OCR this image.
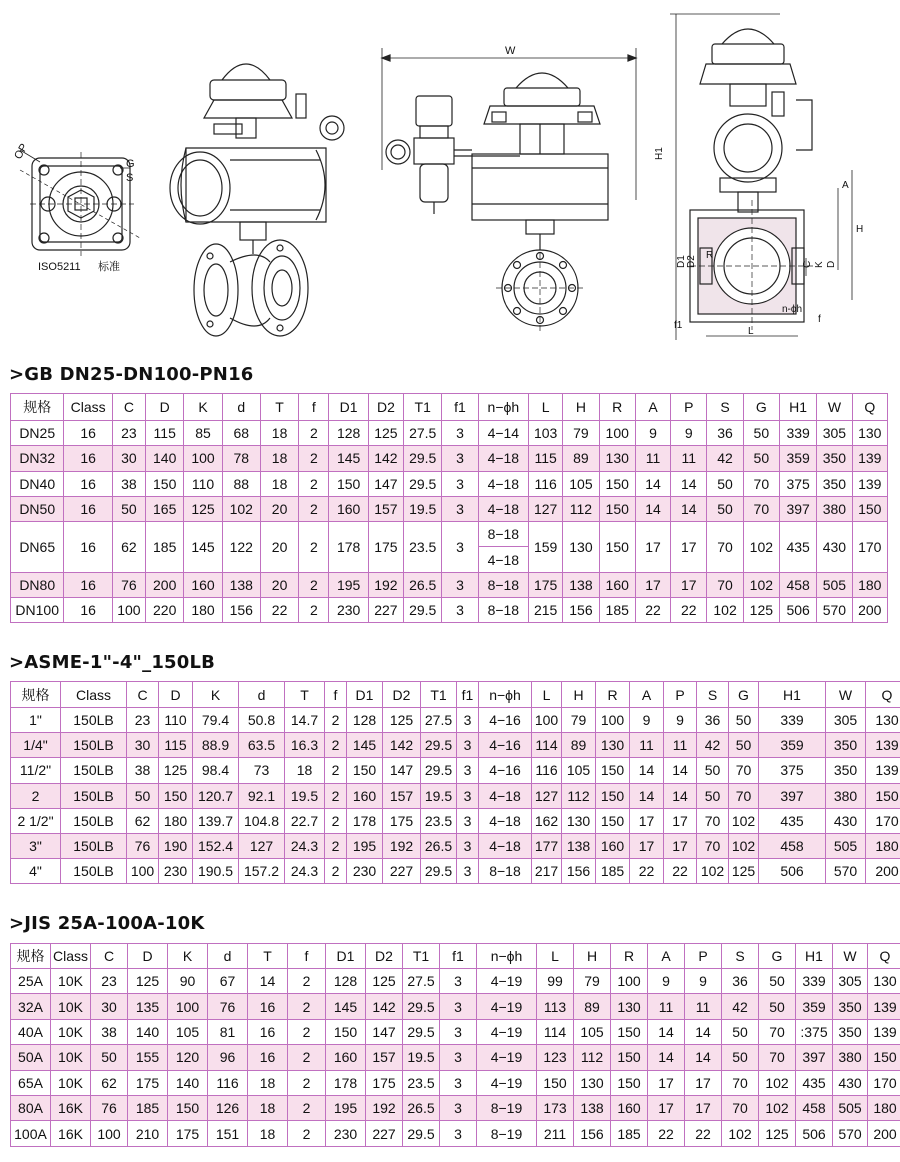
OP
G
S
ISO5211 标准
W
H1
H
A
R
D1 D2	C K D
L
f1
f
n-ϕh
>GB DN25-DN100-PN16
规格	Class	C	D	K	d	T	f	D1	D2	T1	f1	n−ϕh	L	H	R	A	P	S	G	H1	W	Q
DN25	16	23	115	85	68	18	2	128	125	27.5	3	4−14	103	79	100	9	9	36	50	339	305	130
DN32	16	30	140	100	78	18	2	145	142	29.5	3	4−18	115	89	130	11	11	42	50	359	350	139
DN40	16	38	150	110	88	18	2	150	147	29.5	3	4−18	116	105	150	14	14	50	70	375	350	139
DN50	16	50	165	125	102	20	2	160	157	19.5	3	4−18	127	112	150	14	14	50	70	397	380	150
DN65	16	62	185	145	122	20	2	178	175	23.5	3	8−18	159	130	150	17	17	70	102	435	430	170
												4−18										
DN80	16	76	200	160	138	20	2	195	192	26.5	3	8−18	175	138	160	17	17	70	102	458	505	180
DN100	16	100	220	180	156	22	2	230	227	29.5	3	8−18	215	156	185	22	22	102	125	506	570	200
>ASME-1"-4"_150LB
规格	Class	C	D	K	d	T	f	D1	D2	T1	f1	n−ϕh	L	H	R	A	P	S	G	H1	W	Q
1"	150LB	23	110	79.4	50.8	14.7	2	128	125	27.5	3	4−16	100	79	100	9	9	36	50	339	305	130
1/4"	150LB	30	115	88.9	63.5	16.3	2	145	142	29.5	3	4−16	114	89	130	11	11	42	50	359	350	139
11/2"	150LB	38	125	98.4	73	18	2	150	147	29.5	3	4−16	116	105	150	14	14	50	70	375	350	139
2	150LB	50	150	120.7	92.1	19.5	2	160	157	19.5	3	4−18	127	112	150	14	14	50	70	397	380	150
2 1/2"	150LB	62	180	139.7	104.8	22.7	2	178	175	23.5	3	4−18	162	130	150	17	17	70	102	435	430	170
3"	150LB	76	190	152.4	127	24.3	2	195	192	26.5	3	4−18	177	138	160	17	17	70	102	458	505	180
4"	150LB	100	230	190.5	157.2	24.3	2	230	227	29.5	3	8−18	217	156	185	22	22	102	125	506	570	200
>JIS 25A-100A-10K
规格	Class	C	D	K	d	T	f	D1	D2	T1	f1	n−ϕh	L	H	R	A	P	S	G	H1	W	Q
25A	10K	23	125	90	67	14	2	128	125	27.5	3	4−19	99	79	100	9	9	36	50	339	305	130
32A	10K	30	135	100	76	16	2	145	142	29.5	3	4−19	113	89	130	11	11	42	50	359	350	139
40A	10K	38	140	105	81	16	2	150	147	29.5	3	4−19	114	105	150	14	14	50	70	:375	350	139
50A	10K	50	155	120	96	16	2	160	157	19.5	3	4−19	123	112	150	14	14	50	70	397	380	150
65A	10K	62	175	140	116	18	2	178	175	23.5	3	4−19	150	130	150	17	17	70	102	435	430	170
80A	16K	76	185	150	126	18	2	195	192	26.5	3	8−19	173	138	160	17	17	70	102	458	505	180
100A	16K	100	210	175	151	18	2	230	227	29.5	3	8−19	211	156	185	22	22	102	125	506	570	200
